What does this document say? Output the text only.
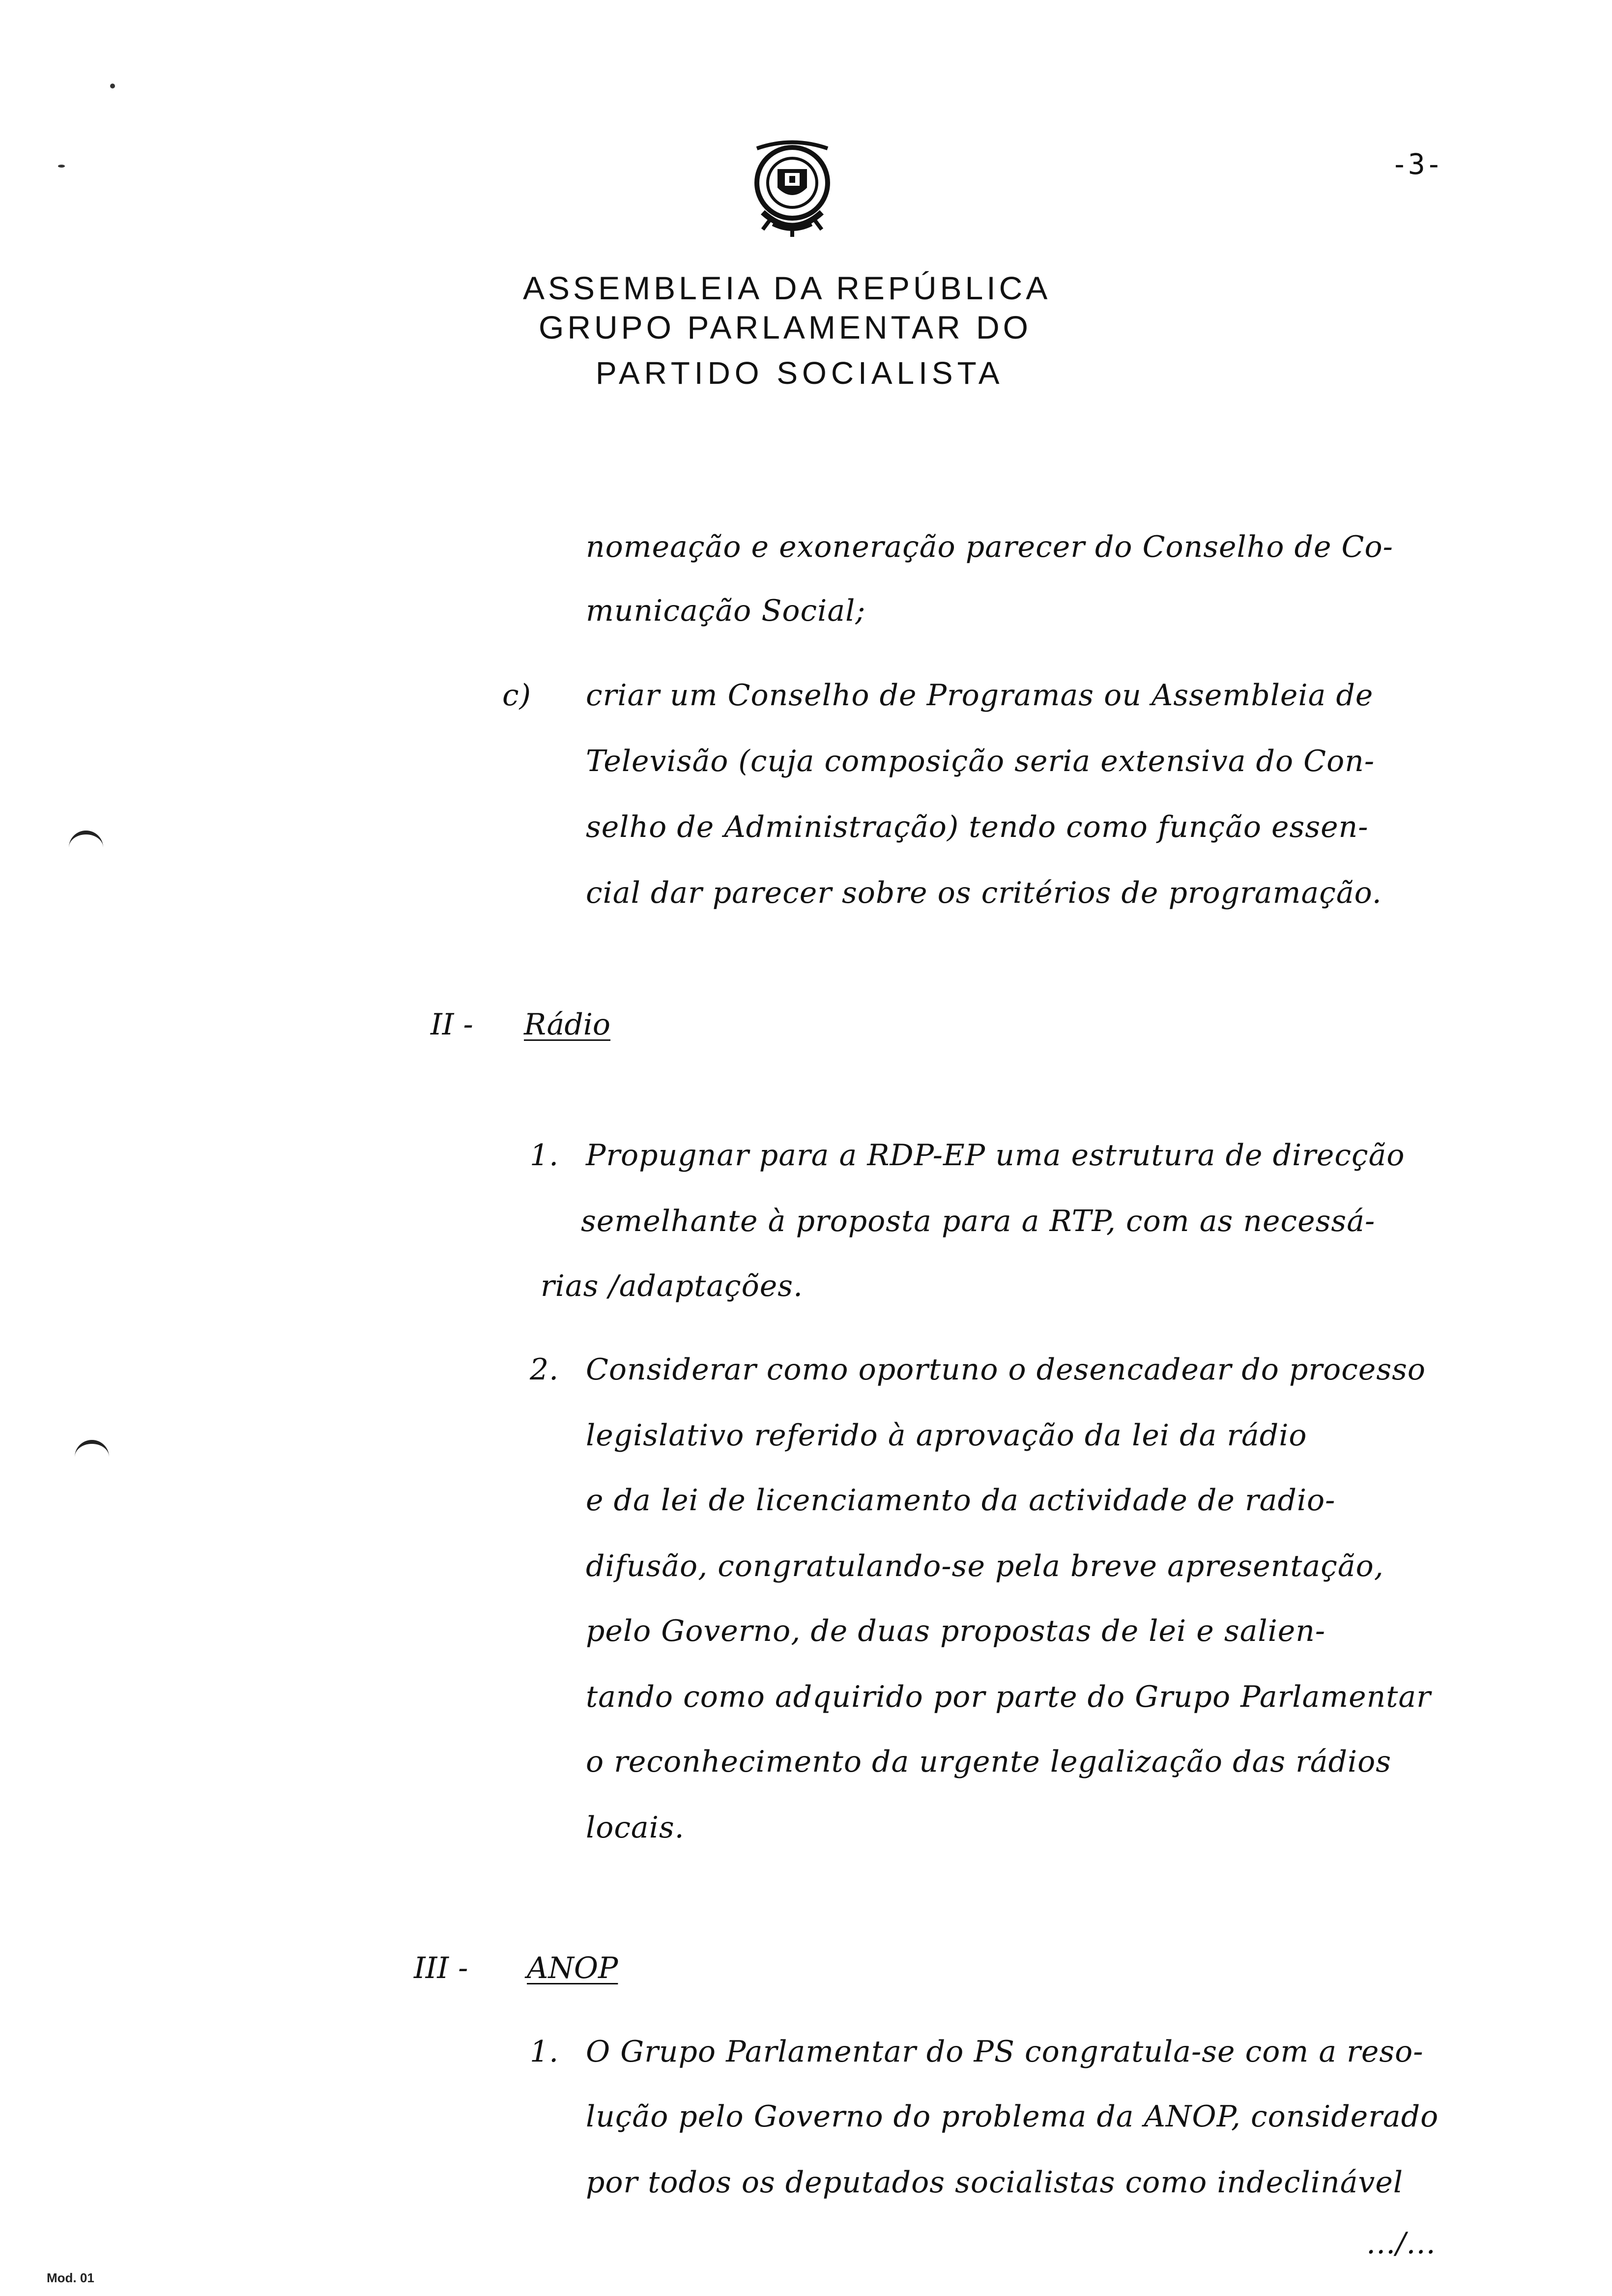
-3-
ASSEMBLEIA DA REPÚBLICA
GRUPO PARLAMENTAR DO
PARTIDO SOCIALISTA
nomeação e exoneração parecer do Conselho de Co-
municação Social;
c) criar um Conselho de Programas ou Assembleia de
Televisão (cuja composição seria extensiva do Con-
selho de Administração) tendo como função essen-
cial dar parecer sobre os critérios de programação.
II - Rádio
1. Propugnar para a RDP-EP uma estrutura de direcção
semelhante à proposta para a RTP, com as necessá-
rias /adaptações.
2. Considerar como oportuno o desencadear do processo
legislativo referido à aprovação da lei da rádio
e da lei de licenciamento da actividade de radio-
difusão, congratulando-se pela breve apresentação,
pelo Governo, de duas propostas de lei e salien-
tando como adquirido por parte do Grupo Parlamentar
o reconhecimento da urgente legalização das rádios
locais.
III - ANOP
1. O Grupo Parlamentar do PS congratula-se com a reso-
lução pelo Governo do problema da ANOP, considerado
por todos os deputados socialistas como indeclinável
.../...
Mod. 01
